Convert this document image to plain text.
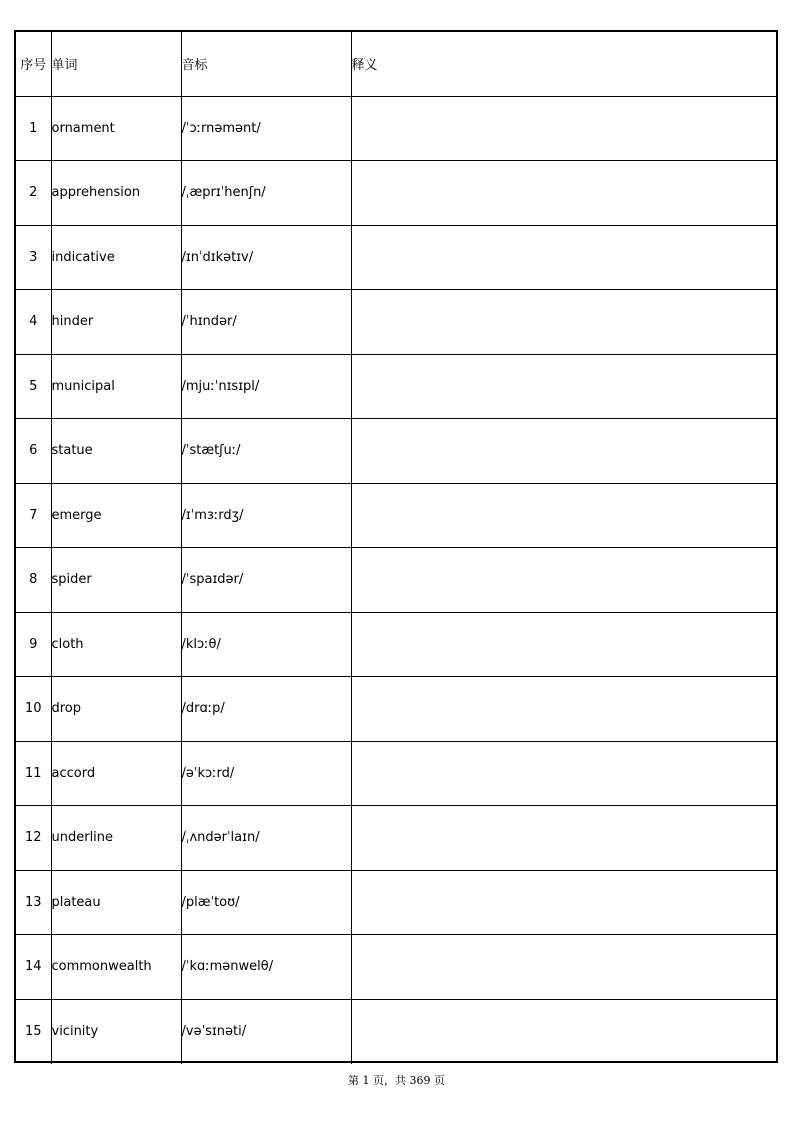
序号	单词	音标	释义
1	ornament	/ˈɔːrnəmənt/	
2	apprehension	/ˌæprɪˈhenʃn/	
3	indicative	/ɪnˈdɪkətɪv/	
4	hinder	/ˈhɪndər/	
5	municipal	/mjuːˈnɪsɪpl/	
6	statue	/ˈstætʃuː/	
7	emerge	/ɪˈmɜːrdʒ/	
8	spider	/ˈspaɪdər/	
9	cloth	/klɔːθ/	
10	drop	/drɑːp/	
11	accord	/əˈkɔːrd/	
12	underline	/ˌʌndərˈlaɪn/	
13	plateau	/plæˈtoʊ/	
14	commonwealth	/ˈkɑːmənwelθ/	
15	vicinity	/vəˈsɪnəti/	
第 1 页，共 369 页
